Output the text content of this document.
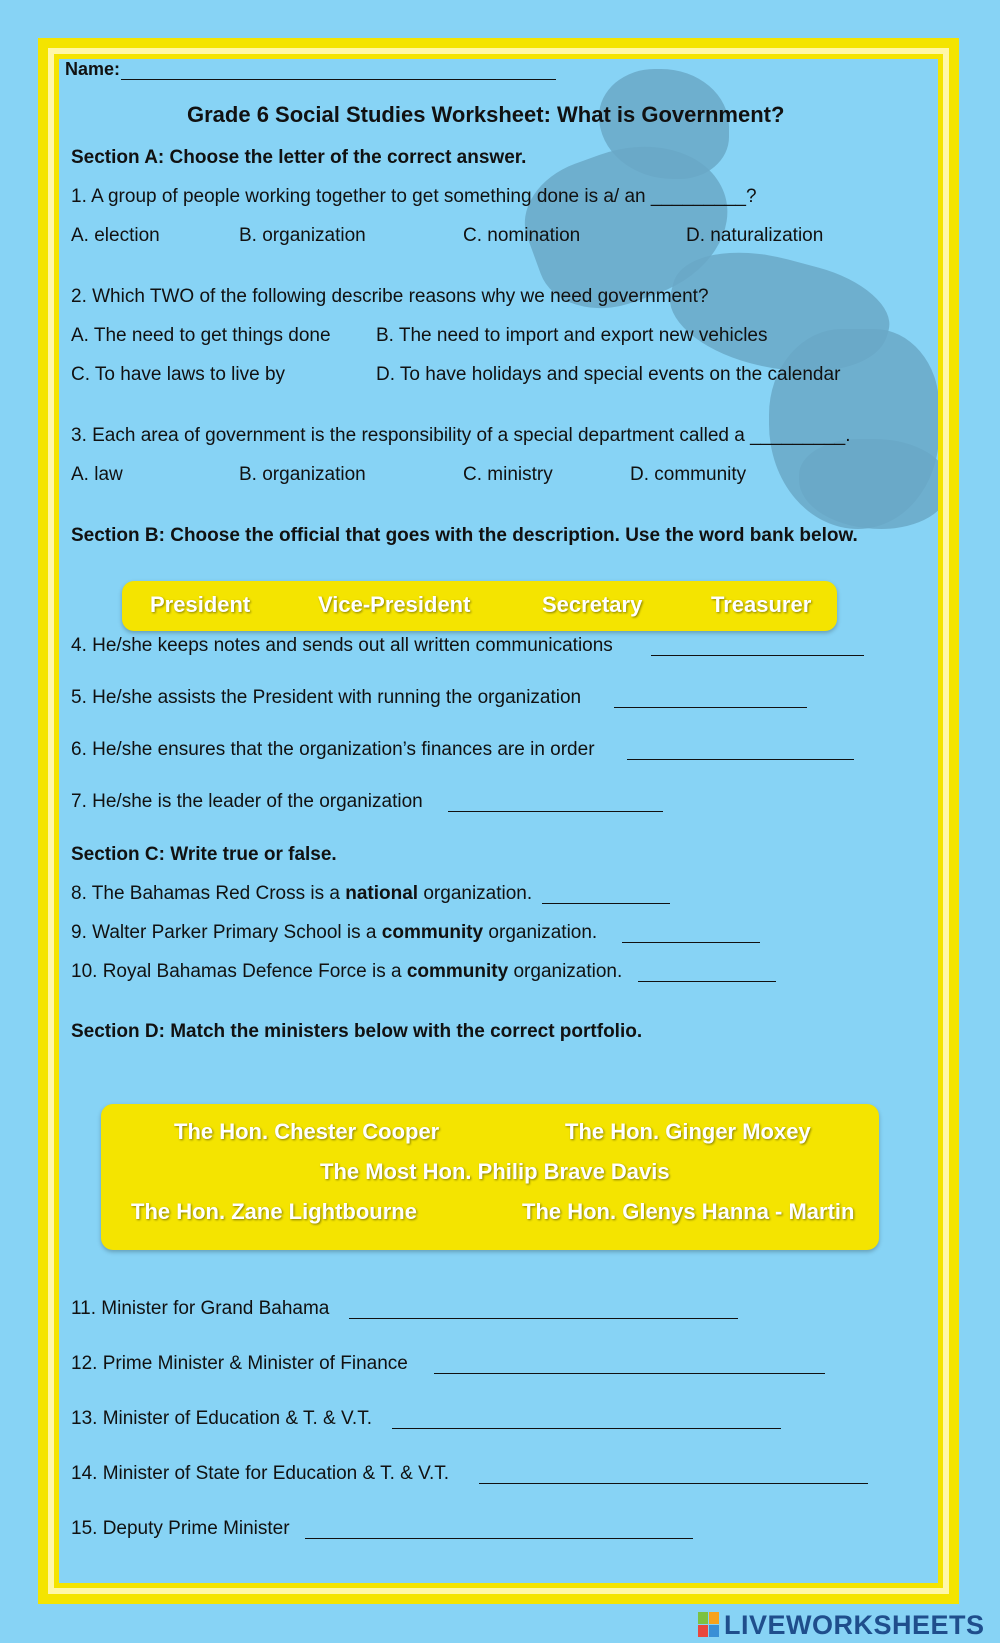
Name:
Grade 6 Social Studies Worksheet: What is Government?
Section A: Choose the letter of the correct answer.
1. A group of people working together to get something done is a/ an _________?
A. election	B. organization	C. nomination	D. naturalization
2. Which TWO of the following describe reasons why we need government?
A. The need to get things done B. The need to import and export new vehicles
C. To have laws to live by	D. To have holidays and special events on the calendar
3. Each area of government is the responsibility of a special department called a _________.
A. law	B. organization	C. ministry	D. community
Section B: Choose the official that goes with the description. Use the word bank below.
President	Vice-President	Secretary	Treasurer
4. He/she keeps notes and sends out all written communications
5. He/she assists the President with running the organization
6. He/she ensures that the organization’s finances are in order
7. He/she is the leader of the organization
Section C: Write true or false.
8. The Bahamas Red Cross is a national organization.
9. Walter Parker Primary School is a community organization.
10. Royal Bahamas Defence Force is a community organization.
Section D: Match the ministers below with the correct portfolio.
The Hon. Chester Cooper	The Hon. Ginger Moxey
The Most Hon. Philip Brave Davis
The Hon. Zane Lightbourne	The Hon. Glenys Hanna - Martin
11. Minister for Grand Bahama
12. Prime Minister & Minister of Finance
13. Minister of Education & T. & V.T.
14. Minister of State for Education & T. & V.T.
15. Deputy Prime Minister
LIVEWORKSHEETS
